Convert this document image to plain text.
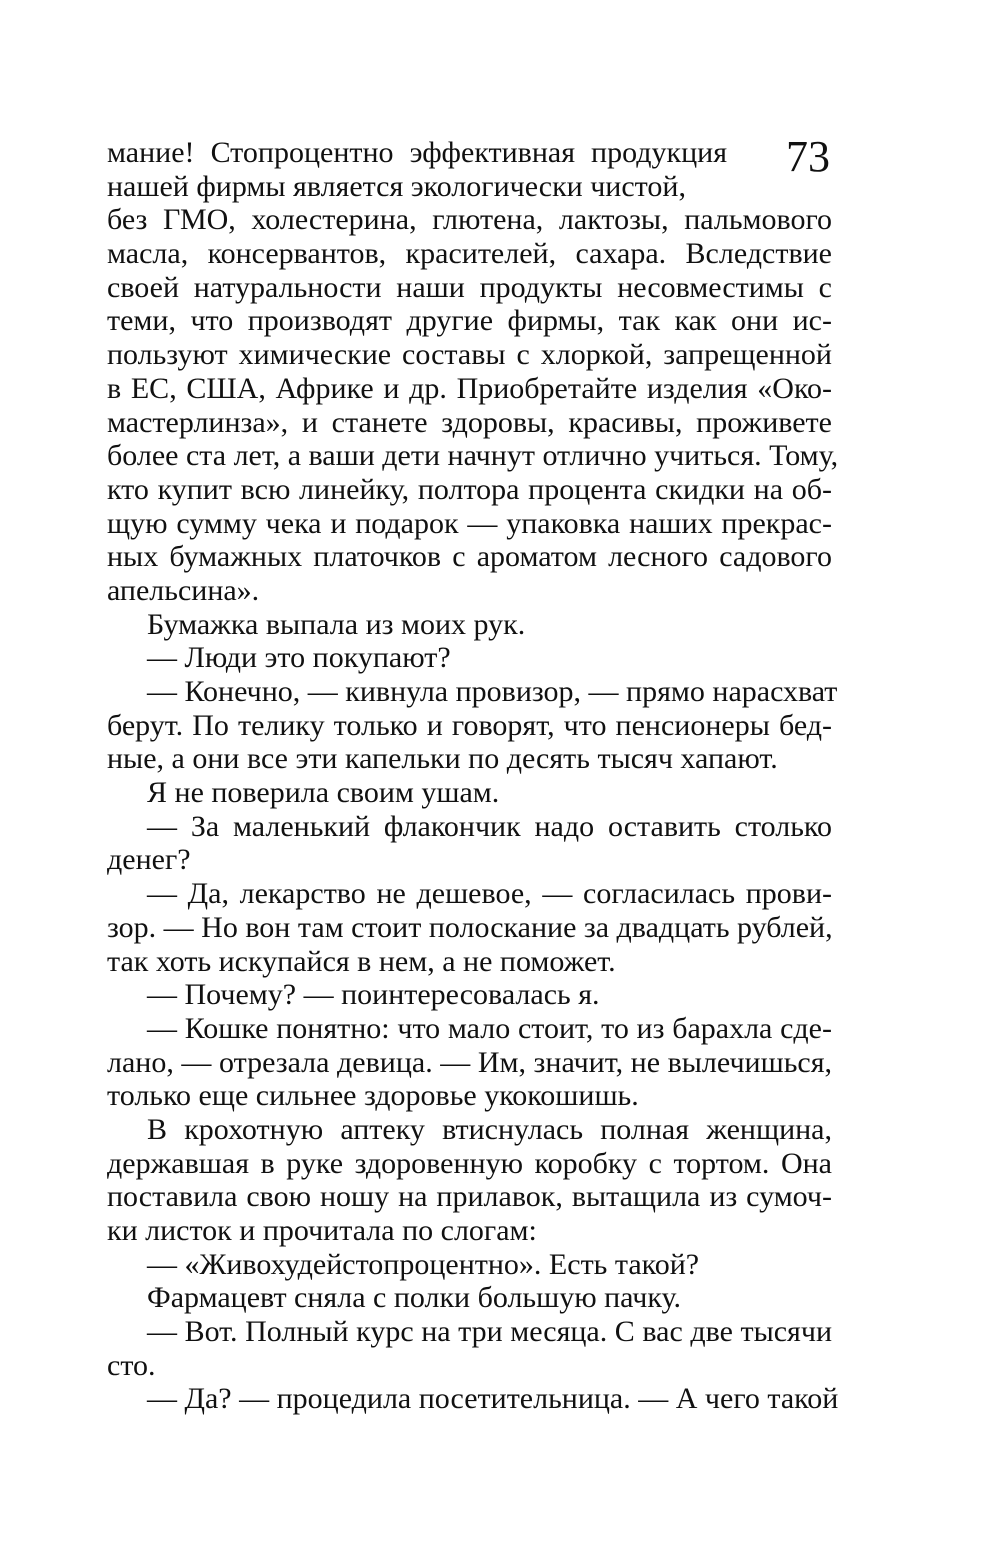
73
мание! Стопроцентно эффективная продукция
нашей фирмы является экологически чистой,
без ГМО, холестерина, глютена, лактозы, пальмового
масла, консервантов, красителей, сахара. Вследствие
своей натуральности наши продукты несовместимы с
теми, что производят другие фирмы, так как они ис-
пользуют химические составы с хлоркой, запрещенной
в ЕС, США, Африке и др. Приобретайте изделия «Око-
мастерлинза», и станете здоровы, красивы, проживете
более ста лет, а ваши дети начнут отлично учиться. Тому,
кто купит всю линейку, полтора процента скидки на об-
щую сумму чека и подарок — упаковка наших прекрас-
ных бумажных платочков с ароматом лесного садового
апельсина».
Бумажка выпала из моих рук.
— Люди это покупают?
— Конечно, — кивнула провизор, — прямо нарасхват
берут. По телику только и говорят, что пенсионеры бед-
ные, а они все эти капельки по десять тысяч хапают.
Я не поверила своим ушам.
— За маленький флакончик надо оставить столько
денег?
— Да, лекарство не дешевое, — согласилась прови-
зор. — Но вон там стоит полоскание за двадцать рублей,
так хоть искупайся в нем, а не поможет.
— Почему? — поинтересовалась я.
— Кошке понятно: что мало стоит, то из барахла сде-
лано, — отрезала девица. — Им, значит, не вылечишься,
только еще сильнее здоровье укокошишь.
В крохотную аптеку втиснулась полная женщина,
державшая в руке здоровенную коробку с тортом. Она
поставила свою ношу на прилавок, вытащила из сумоч-
ки листок и прочитала по слогам:
— «Живохудейстопроцентно». Есть такой?
Фармацевт сняла с полки большую пачку.
— Вот. Полный курс на три месяца. С вас две тысячи
сто.
— Да? — процедила посетительница. — А чего такой
